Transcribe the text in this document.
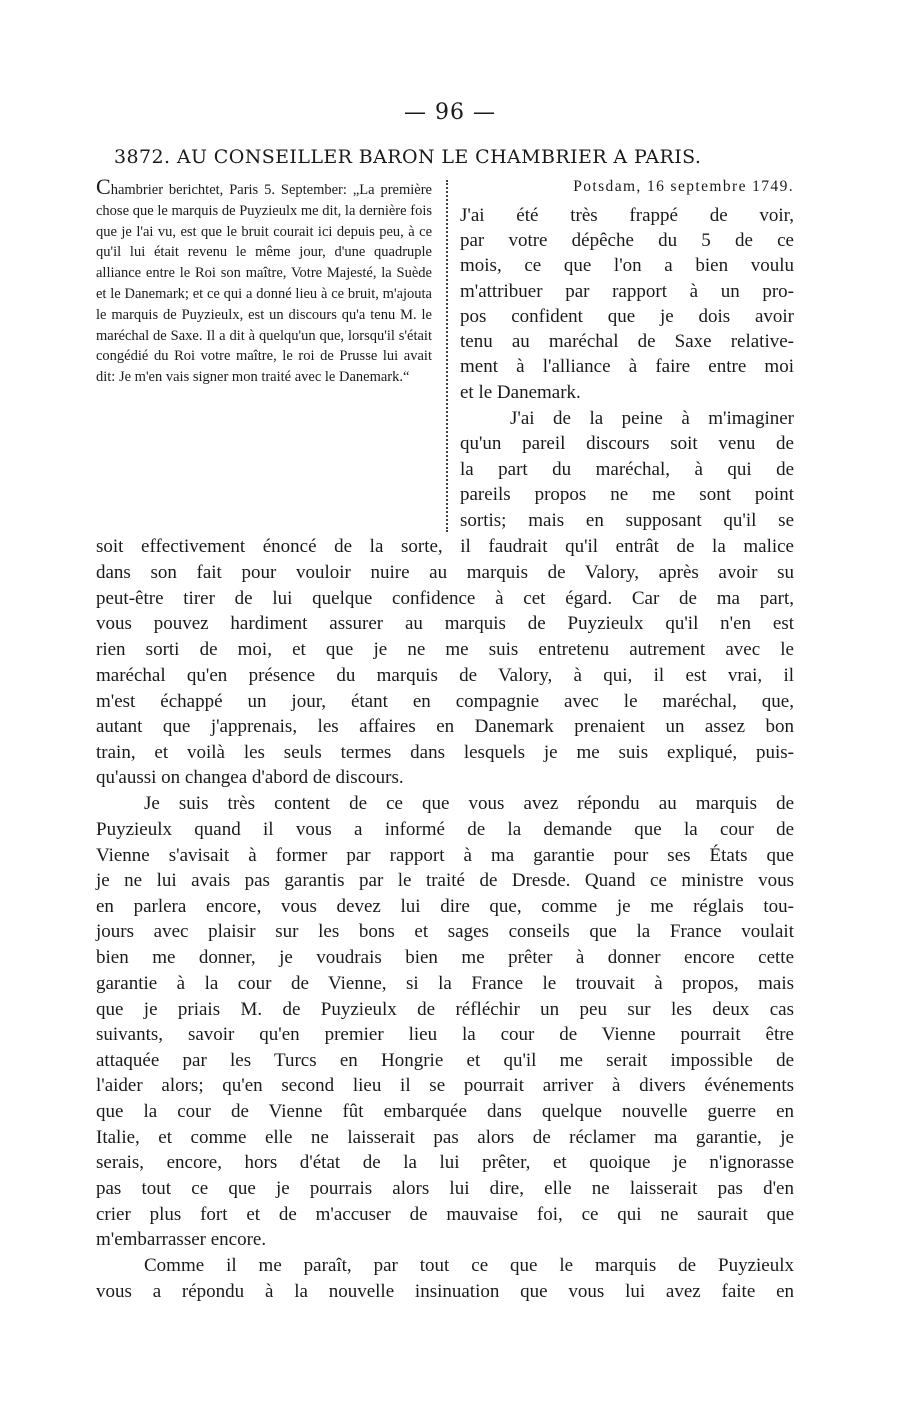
— 96 —
3872. AU CONSEILLER BARON LE CHAMBRIER A PARIS.
Chambrier berichtet, Paris 5. September: „La première chose que le marquis de Puyzieulx me dit, la dernière fois que je l'ai vu, est que le bruit courait ici depuis peu, à ce qu'il lui était revenu le même jour, d'une quadruple alliance entre le Roi son maître, Votre Majesté, la Suède et le Danemark; et ce qui a donné lieu à ce bruit, m'ajouta le marquis de Puyzieulx, est un discours qu'a tenu M. le maréchal de Saxe. Il a dit à quelqu'un que, lorsqu'il s'était congédié du Roi votre maître, le roi de Prusse lui avait dit: Je m'en vais signer mon traité avec le Danemark.“
Potsdam, 16 septembre 1749.
J'ai été très frappé de voir,
par votre dépêche du 5 de ce
mois, ce que l'on a bien voulu
m'attribuer par rapport à un pro-
pos confident que je dois avoir
tenu au maréchal de Saxe relative-
ment à l'alliance à faire entre moi
et le Danemark.
J'ai de la peine à m'imaginer
qu'un pareil discours soit venu de
la part du maréchal, à qui de
pareils propos ne me sont point
sortis; mais en supposant qu'il se
soit effectivement énoncé de la sorte, il faudrait qu'il entrât de la malice
dans son fait pour vouloir nuire au marquis de Valory, après avoir su
peut-être tirer de lui quelque confidence à cet égard. Car de ma part,
vous pouvez hardiment assurer au marquis de Puyzieulx qu'il n'en est
rien sorti de moi, et que je ne me suis entretenu autrement avec le
maréchal qu'en présence du marquis de Valory, à qui, il est vrai, il
m'est échappé un jour, étant en compagnie avec le maréchal, que,
autant que j'apprenais, les affaires en Danemark prenaient un assez bon
train, et voilà les seuls termes dans lesquels je me suis expliqué, puis-
qu'aussi on changea d'abord de discours.
Je suis très content de ce que vous avez répondu au marquis de
Puyzieulx quand il vous a informé de la demande que la cour de
Vienne s'avisait à former par rapport à ma garantie pour ses États que
je ne lui avais pas garantis par le traité de Dresde. Quand ce ministre vous
en parlera encore, vous devez lui dire que, comme je me réglais tou-
jours avec plaisir sur les bons et sages conseils que la France voulait
bien me donner, je voudrais bien me prêter à donner encore cette
garantie à la cour de Vienne, si la France le trouvait à propos, mais
que je priais M. de Puyzieulx de réfléchir un peu sur les deux cas
suivants, savoir qu'en premier lieu la cour de Vienne pourrait être
attaquée par les Turcs en Hongrie et qu'il me serait impossible de
l'aider alors; qu'en second lieu il se pourrait arriver à divers événements
que la cour de Vienne fût embarquée dans quelque nouvelle guerre en
Italie, et comme elle ne laisserait pas alors de réclamer ma garantie, je
serais, encore, hors d'état de la lui prêter, et quoique je n'ignorasse
pas tout ce que je pourrais alors lui dire, elle ne laisserait pas d'en
crier plus fort et de m'accuser de mauvaise foi, ce qui ne saurait que
m'embarrasser encore.
Comme il me paraît, par tout ce que le marquis de Puyzieulx
vous a répondu à la nouvelle insinuation que vous lui avez faite en
